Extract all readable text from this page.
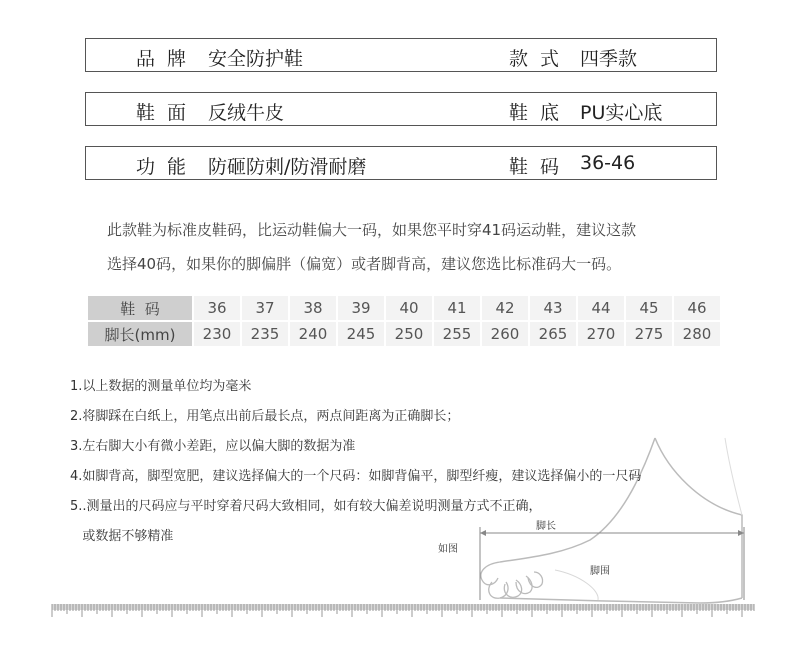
品牌 安全防护鞋	款式 四季款
鞋面 反绒牛皮	鞋底 PU实心底
功能 防砸防刺/防滑耐磨	鞋码 36-46
此款鞋为标准皮鞋码，比运动鞋偏大一码，如果您平时穿41码运动鞋，建议这款
选择40码，如果你的脚偏胖（偏宽）或者脚背高，建议您选比标准码大一码。
鞋  码	36	37	38	39	40	41	42	43	44	45	46
脚长(mm)	230	235	240	245	250	255	260	265	270	275	280
脚长
如图
脚围
1.以上数据的测量单位均为毫米
2.将脚踩在白纸上，用笔点出前后最长点，两点间距离为正确脚长；
3.左右脚大小有微小差距，应以偏大脚的数据为准
4.如脚背高，脚型宽肥，建议选择偏大的一个尺码：如脚背偏平，脚型纤瘦，建议选择偏小的一尺码
5..测量出的尺码应与平时穿着尺码大致相同，如有较大偏差说明测量方式不正确，
或数据不够精准
